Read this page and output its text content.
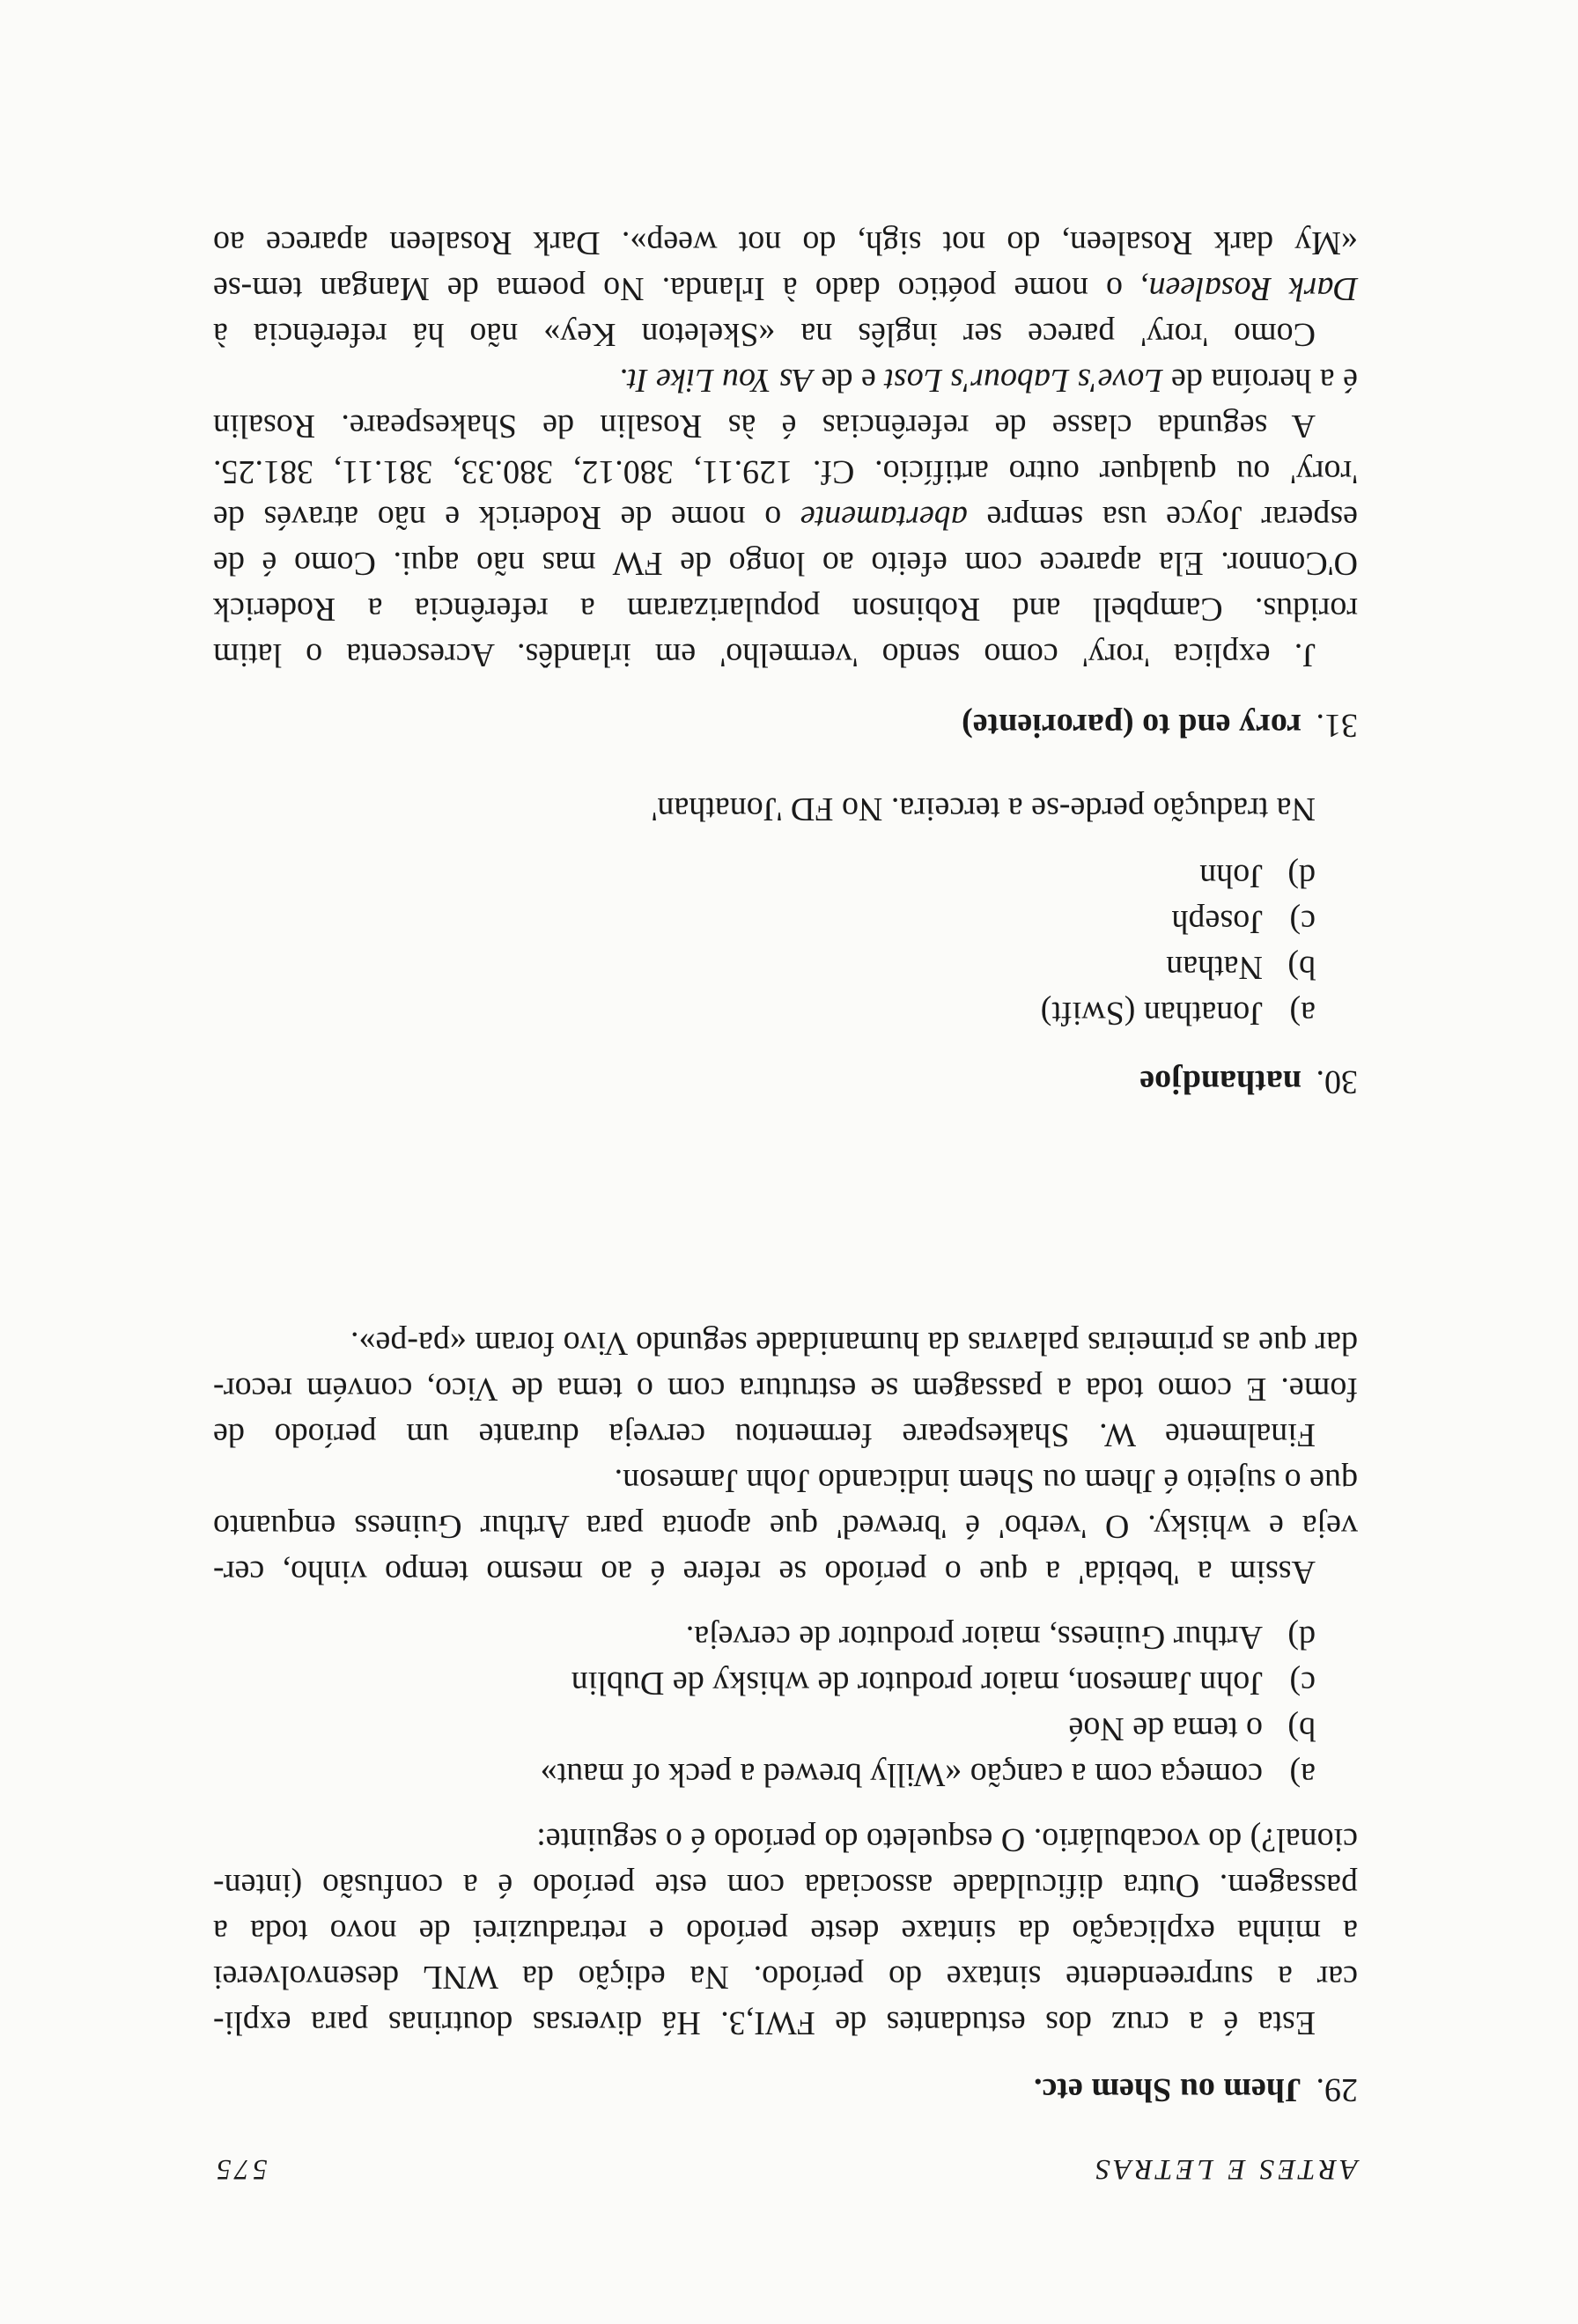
ARTES E LETRAS
575
29.Jhem ou Shem etc.
Esta é a cruz dos estudantes de FWI,3. Há diversas doutrinas para expli-
car a surpreendente sintaxe do período. Na edição da WNL desenvolverei
a minha explicação da sintaxe deste período e retraduzirei de novo toda a
passagem. Outra dificuldade associada com este período é a confusão (inten-
cional?) do vocabulário. O esqueleto do período é o seguinte:
a)começa com a canção «Willy brewed a peck of maut»
b)o tema de Noé
c)John Jameson, maior produtor de whisky de Dublin
d)Arthur Guiness, maior produtor de cerveja.
Assim a 'bebida' a que o período se refere é ao mesmo tempo vinho, cer-
veja e whisky. O 'verbo' é 'brewed' que aponta para Arthur Guiness enquanto
que o sujeito é Jhem ou Shem indicando John Jameson.
Finalmente W. Shakespeare fermentou cerveja durante um período de
fome. E como toda a passagem se estrutura com o tema de Vico, convém recor-
dar que as primeiras palavras da humanidade segundo Vivo foram «pa-pe».
30.nathandjoe
a)Jonathan (Swift)
b)Nathan
c)Joseph
d)John
Na tradução perde-se a terceira. No FD 'Jonathan'
31.rory end to (paroriente)
J. explica 'rory' como sendo 'vermelho' em irlandês. Acrescenta o latim
roridus. Campbell and Robinson popularizaram a referência a Roderick
O'Connor. Ela aparece com efeito ao longo de FW mas não aqui. Como é de
esperar Joyce usa sempre abertamente o nome de Roderick e não através de
'rory' ou qualquer outro artifício. Cf. 129.11, 380.12, 380.33, 381.11, 381.25.
A segunda classe de referências é às Rosalin de Shakespeare. Rosalin
é a heroína de Love's Labour's Lost e de As You Like It.
Como 'rory' parece ser inglês na «Skeleton Key» não há referência à
Dark Rosaleen, o nome poético dado à Irlanda. No poema de Mangan tem-se
«My dark Rosaleen, do not sigh, do not weep». Dark Rosaleen aparece ao
